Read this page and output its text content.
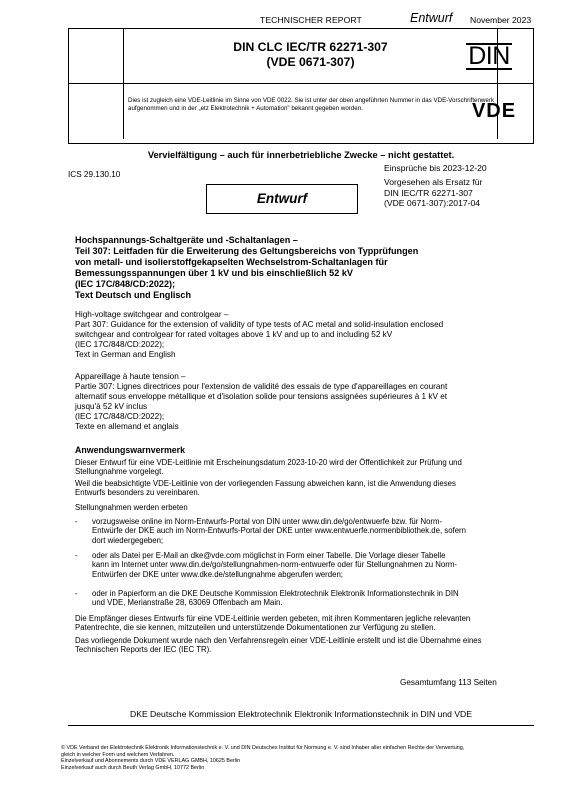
TECHNISCHER REPORT	Entwurf November 2023
DIN CLC IEC/TR 62271-307
(VDE 0671-307)	DIN
Dies ist zugleich eine VDE-Leitlinie im Sinne von VDE 0022. Sie ist unter der oben angeführten Nummer in das VDE-Vorschriftenwerk aufgenommen und in der „etz Elektrotechnik + Automation" bekannt gegeben worden.	VDE
Vervielfältigung – auch für innerbetriebliche Zwecke – nicht gestattet.
Einsprüche bis 2023-12-20
ICS 29.130.10
Vorgesehen als Ersatz für
DIN IEC/TR 62271-307
(VDE 0671-307):2017-04
Entwurf
Hochspannungs-Schaltgeräte und -Schaltanlagen –
Teil 307: Leitfaden für die Erweiterung des Geltungsbereichs von Typprüfungen
von metall- und isolierstoffgekapselten Wechselstrom-Schaltanlagen für
Bemessungsspannungen über 1 kV und bis einschließlich 52 kV
(IEC 17C/848/CD:2022);
Text Deutsch und Englisch
High-voltage switchgear and controlgear –
Part 307: Guidance for the extension of validity of type tests of AC metal and solid-insulation enclosed
switchgear and controlgear for rated voltages above 1 kV and up to and including 52 kV
(IEC 17C/848/CD:2022);
Text in German and English
Appareillage à haute tension –
Partie 307: Lignes directrices pour l'extension de validité des essais de type d'appareillages en courant
alternatif sous enveloppe métallique et d'isolation solide pour tensions assignées supérieures à 1 kV et
jusqu'à 52 kV inclus
(IEC 17C/848/CD:2022);
Texte en allemand et anglais
Anwendungswarnvermerk
Dieser Entwurf für eine VDE-Leitlinie mit Erscheinungsdatum 2023-10-20 wird der Öffentlichkeit zur Prüfung und
Stellungnahme vorgelegt.
Weil die beabsichtigte VDE-Leitlinie von der vorliegenden Fassung abweichen kann, ist die Anwendung dieses
Entwurfs besonders zu vereinbaren.
Stellungnahmen werden erbeten
- vorzugsweise online im Norm-Entwurfs-Portal von DIN unter www.din.de/go/entwuerfe bzw. für Norm-
Entwürfe der DKE auch im Norm-Entwurfs-Portal der DKE unter www.entwuerfe.normenbibliothek.de, sofern
dort wiedergegeben;
- oder als Datei per E-Mail an dke@vde.com möglichst in Form einer Tabelle. Die Vorlage dieser Tabelle
kann im Internet unter www.din.de/go/stellungnahmen-norm-entwuerfe oder für Stellungnahmen zu Norm-
Entwürfen der DKE unter www.dke.de/stellungnahme abgerufen werden;
- oder in Papierform an die DKE Deutsche Kommission Elektrotechnik Elektronik Informationstechnik in DIN
und VDE, Merianstraße 28, 63069 Offenbach am Main.
Die Empfänger dieses Entwurfs für eine VDE-Leitlinie werden gebeten, mit ihren Kommentaren jegliche relevanten
Patentrechte, die sie kennen, mitzuteilen und unterstützende Dokumentationen zur Verfügung zu stellen.
Das vorliegende Dokument wurde nach den Verfahrensregeln einer VDE-Leitlinie erstellt und ist die Übernahme eines
Technischen Reports der IEC (IEC TR).
Gesamtumfang 113 Seiten
DKE Deutsche Kommission Elektrotechnik Elektronik Informationstechnik in DIN und VDE
© VDE Verband der Elektrotechnik Elektronik Informationstechnik e. V. und DIN Deutsches Institut für Normung e. V. sind Inhaber aller einfachen Rechte der Verwertung,
gleich in welcher Form und welchem Verfahren.
Einzelverkauf und Abonnements durch VDE VERLAG GMBH, 10625 Berlin
Einzelverkauf auch durch Beuth Verlag GmbH, 10772 Berlin
